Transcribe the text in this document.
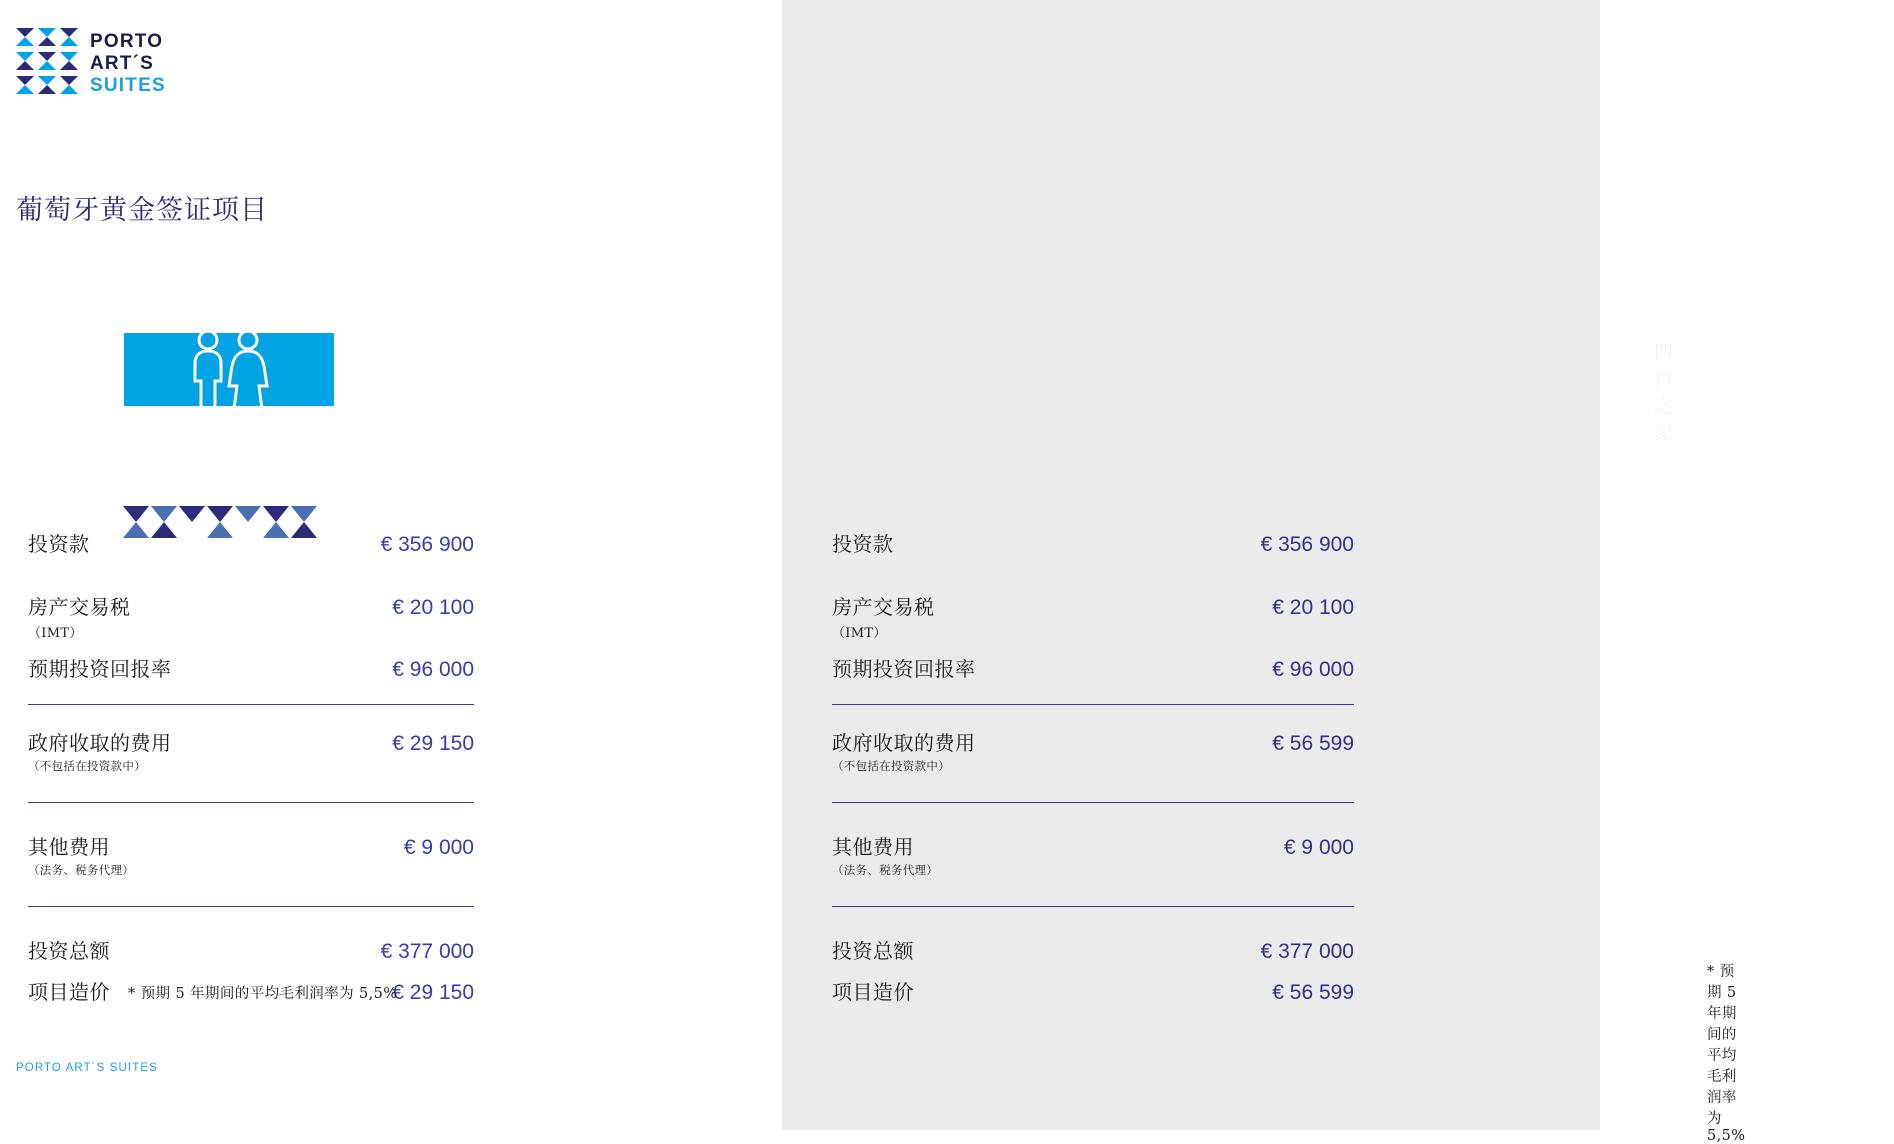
PORTO
ART´S
SUITES
葡萄牙黄金签证项目
投资款	€ 356 900
房产交易税	€ 20 100
（IMT）
预期投资回报率	€ 96 000
政府收取的费用	€ 29 150
（不包括在投资款中）
其他费用	€ 9 000
（法务、税务代理）
投资总额	€ 377 000
项目造价	€ 29 150
* 预期 5 年期间的平均毛利润率为 5,5%
PORTO ART´S SUITES
四口之家
投资款	€ 356 900
房产交易税	€ 20 100
（IMT）
预期投资回报率	€ 96 000
政府收取的费用	€ 56 599
（不包括在投资款中）
其他费用	€ 9 000
（法务、税务代理）
投资总额	€ 377 000
项目造价	€ 56 599
* 预期 5 年期间的平均毛利润率为 5,5%
